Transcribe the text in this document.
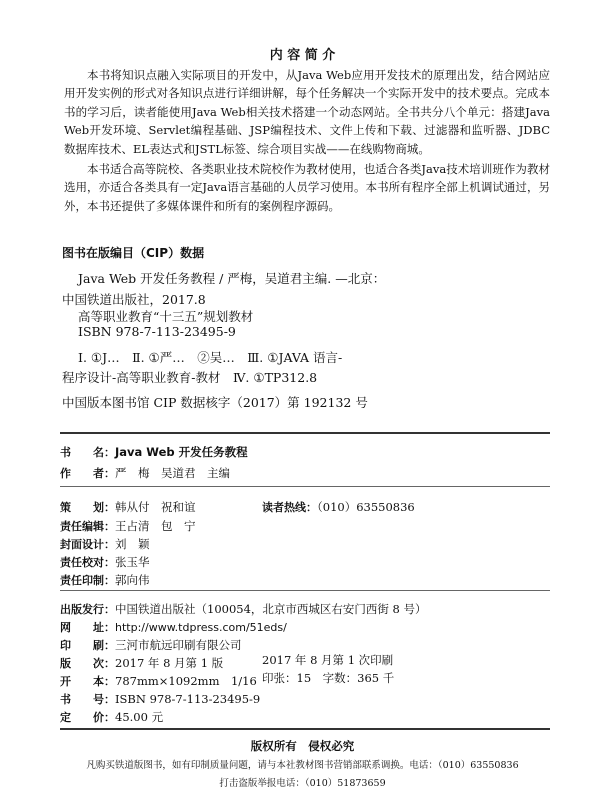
内 容 简 介
本书将知识点融入实际项目的开发中，从Java Web应用开发技术的原理出发，结合网站应用开发实例的形式对各知识点进行详细讲解，每个任务解决一个实际开发中的技术要点。完成本书的学习后，读者能使用Java Web相关技术搭建一个动态网站。全书共分八个单元：搭建Java Web开发环境、Servlet编程基础、JSP编程技术、文件上传和下载、过滤器和监听器、JDBC数据库技术、EL表达式和JSTL标签、综合项目实战——在线购物商城。
本书适合高等院校、各类职业技术院校作为教材使用，也适合各类Java技术培训班作为教材选用，亦适合各类具有一定Java语言基础的人员学习使用。本书所有程序全部上机调试通过，另外，本书还提供了多媒体课件和所有的案例程序源码。
图书在版编目（CIP）数据
Java Web 开发任务教程 / 严梅，吴道君主编. —北京：
中国铁道出版社，2017.8
高等职业教育“十三五”规划教材
ISBN 978-7-113-23495-9
Ⅰ. ①J…　Ⅱ. ①严…　②吴…　Ⅲ. ①JAVA 语言-
程序设计-高等职业教育-教材　Ⅳ. ①TP312.8
中国版本图书馆 CIP 数据核字（2017）第 192132 号
书　　名：Java Web 开发任务教程
作　　者：严　梅　吴道君　主编
策　　划：韩从付　祝和谊	读者热线：（010）63550836
责任编辑：王占清　包　宁
封面设计：刘　颖
责任校对：张玉华
责任印制：郭向伟
出版发行：中国铁道出版社（100054，北京市西城区右安门西街 8 号）
网　　址：http://www.tdpress.com/51eds/
印　　刷：三河市航远印刷有限公司
版　　次：2017 年 8 月第 1 版	2017 年 8 月第 1 次印刷
开　　本：787mm×1092mm　1/16 印张：15　字数：365 千
书　　号：ISBN 978-7-113-23495-9
定　　价：45.00 元
版权所有　侵权必究
凡购买铁道版图书，如有印制质量问题，请与本社教材图书营销部联系调换。电话：（010）63550836
打击盗版举报电话：（010）51873659
